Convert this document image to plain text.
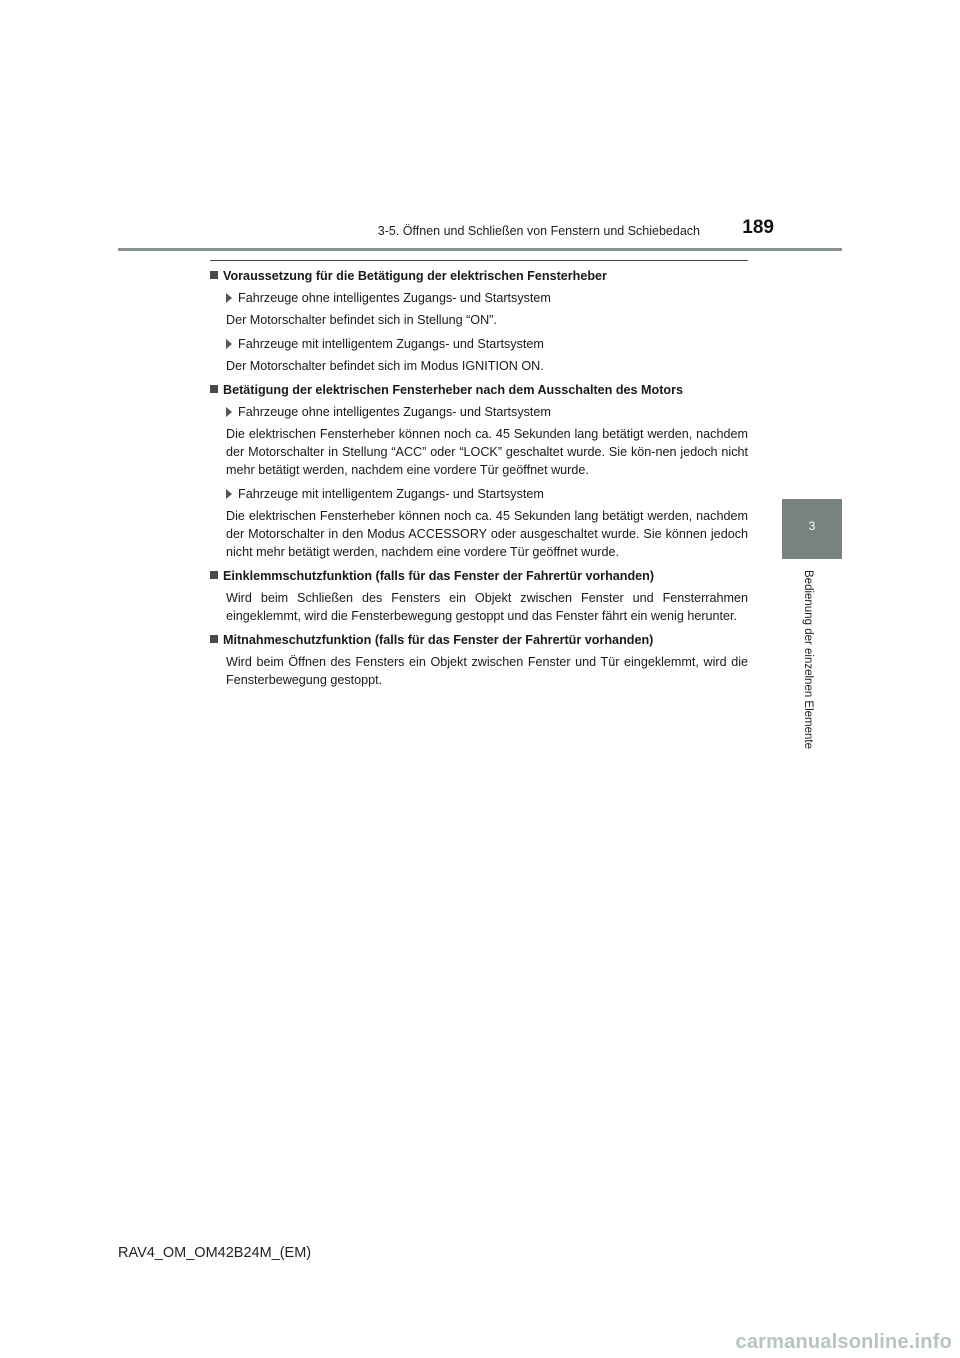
3-5. Öffnen und Schließen von Fenstern und Schiebedach 189
3
Bedienung der einzelnen Elemente
Voraussetzung für die Betätigung der elektrischen Fensterheber
Fahrzeuge ohne intelligentes Zugangs- und Startsystem

Der Motorschalter befindet sich in Stellung “ON”.

Fahrzeuge mit intelligentem Zugangs- und Startsystem

Der Motorschalter befindet sich im Modus IGNITION ON.

Betätigung der elektrischen Fensterheber nach dem Ausschalten des Motors
Fahrzeuge ohne intelligentes Zugangs- und Startsystem

Die elektrischen Fensterheber können noch ca. 45 Sekunden lang betätigt werden, nachdem der Motorschalter in Stellung “ACC” oder “LOCK” geschaltet wurde. Sie kön-nen jedoch nicht mehr betätigt werden, nachdem eine vordere Tür geöffnet wurde.

Fahrzeuge mit intelligentem Zugangs- und Startsystem

Die elektrischen Fensterheber können noch ca. 45 Sekunden lang betätigt werden, nachdem der Motorschalter in den Modus ACCESSORY oder ausgeschaltet wurde. Sie können jedoch nicht mehr betätigt werden, nachdem eine vordere Tür geöffnet wurde.

Einklemmschutzfunktion (falls für das Fenster der Fahrertür vorhanden)

Wird beim Schließen des Fensters ein Objekt zwischen Fenster und Fensterrahmen eingeklemmt, wird die Fensterbewegung gestoppt und das Fenster fährt ein wenig herunter.

Mitnahmeschutzfunktion (falls für das Fenster der Fahrertür vorhanden)

Wird beim Öffnen des Fensters ein Objekt zwischen Fenster und Tür eingeklemmt, wird die Fensterbewegung gestoppt.

RAV4_OM_OM42B24M_(EM)
carmanualsonline.info
